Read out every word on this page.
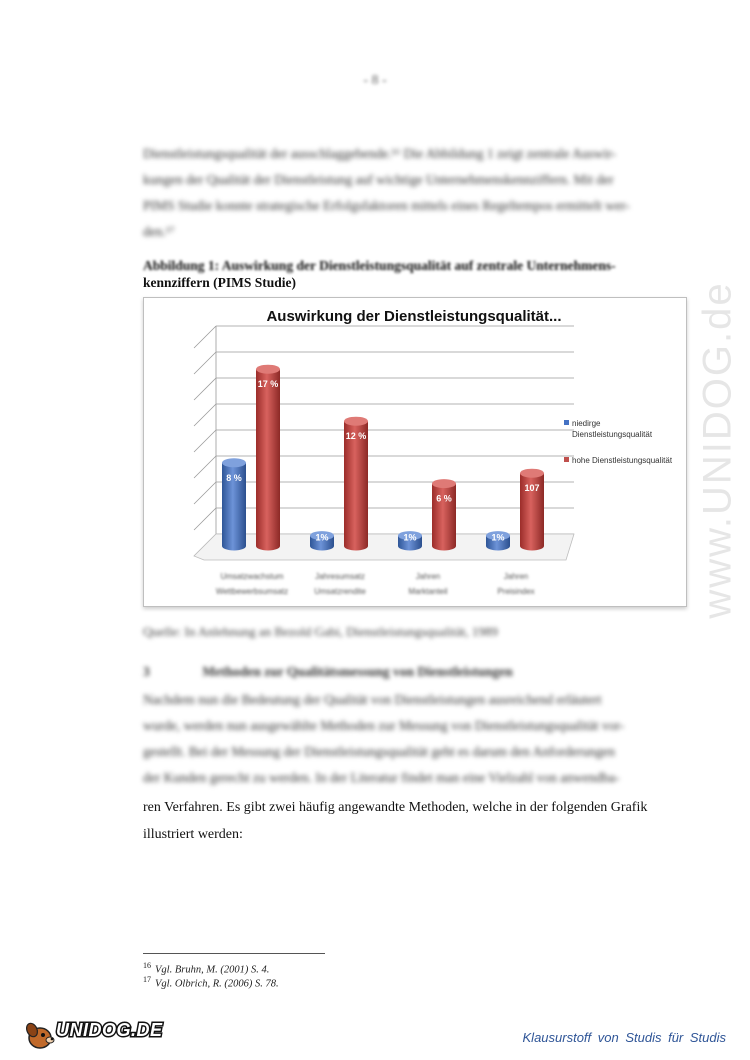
- 8 -
www.UNIDOG.de
Dienstleistungsqualität der ausschlaggebende.¹⁶ Die Abbildung 1 zeigt zentrale Auswir-
kungen der Qualität der Dienstleistung auf wichtige Unternehmenskennziffern. Mit der
PIMS Studie konnte strategische Erfolgsfaktoren mittels eines Regeltempos ermittelt wer-
den.¹⁷
Abbildung 1: Auswirkung der Dienstleistungsqualität auf zentrale Unternehmens-
kennziffern (PIMS Studie)
Auswirkung der Dienstleistungsqualität...
8 %
17 %
1%
12 %
1%
6 %
1%
107
niedirge
Dienstleistungsqualität
hohe Dienstleistungsqualität
Umsatzwachstum
Wettbewerbsumsatz
Jahresumsatz
Umsatzrendite
Jahren
Marktanteil
Jahren
Preisindex
Quelle: In Anlehnung an Bezold Gabi, Dienstleistungsqualität, 1989
3	Methoden zur Qualitätsmessung von Dienstleistungen
Nachdem nun die Bedeutung der Qualität von Dienstleistungen ausreichend erläutert
wurde, werden nun ausgewählte Methoden zur Messung von Dienstleistungsqualität vor-
gestellt. Bei der Messung der Dienstleistungsqualität geht es darum den Anforderungen
der Kunden gerecht zu werden. In der Literatur findet man eine Vielzahl von anwendba-
ren Verfahren. Es gibt zwei häufig angewandte Methoden, welche in der folgenden Grafik
illustriert werden:
$^{16}$ Vgl. Bruhn, M. (2001) S. 4.
$^{17}$ Vgl. Olbrich, R. (2006) S. 78.
UNIDOG.DE	Klausurstoff von Studis für Studis
